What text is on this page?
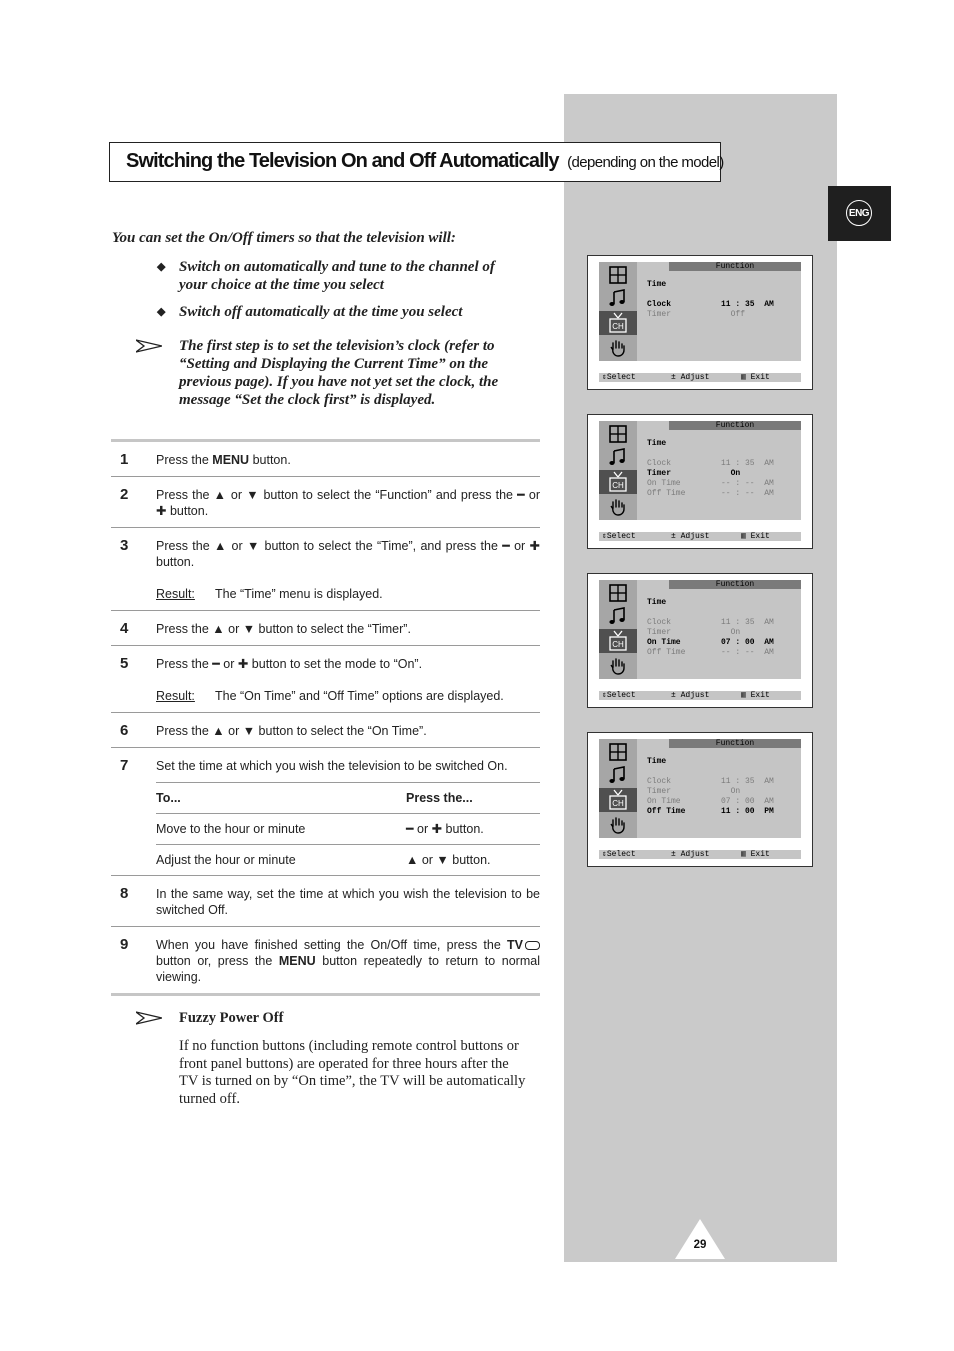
ENG
Switching the Television On and Off Automatically (depending on the model)
You can set the On/Off timers so that the television will:
◆ Switch on automatically and tune to the channel of your choice at the time you select
◆ Switch off automatically at the time you select
The first step is to set the television’s clock (refer to “Setting and Displaying the Current Time” on the previous page). If you have not yet set the clock, the message “Set the clock first” is displayed.
1 Press the MENU button.
2 Press the ▲ or ▼ button to select the “Function” and press the ━ or ✚ button.
3 Press the ▲ or ▼ button to select the “Time”, and press the ━ or ✚ button.
Result:	The “Time” menu is displayed.
4 Press the ▲ or ▼ button to select the “Timer”.
5 Press the ━ or ✚ button to set the mode to “On”.
Result:	The “On Time” and “Off Time” options are displayed.
6 Press the ▲ or ▼ button to select the “On Time”.
7 Set the time at which you wish the television to be switched On.
To...	Press the...
Move to the hour or minute	━ or ✚ button.
Adjust the hour or minute	▲ or ▼ button.
8 In the same way, set the time at which you wish the television to be switched Off.
9 When you have finished setting the On/Off time, press the TV button or, press the MENU button repeatedly to return to normal viewing.
Fuzzy Power Off
If no function buttons (including remote control buttons or front panel buttons) are operated for three hours after the TV is turned on by “On time”, the TV will be automatically turned off.
CH
Function
Time
Clock	11 : 35  AM
Timer	Off
⇕Select	± Adjust	▥ Exit
CH
Function
Time
Clock	11 : 35  AM
Timer	On
On Time	-- : --  AM
Off Time	-- : --  AM
⇕Select	± Adjust	▥ Exit
CH
Function
Time
Clock	11 : 35  AM
Timer	On
On Time	07 : 00  AM
Off Time	-- : --  AM
⇕Select	± Adjust	▥ Exit
CH
Function
Time
Clock	11 : 35  AM
Timer	On
On Time	07 : 00  AM
Off Time	11 : 00  PM
⇕Select	± Adjust	▥ Exit
29
